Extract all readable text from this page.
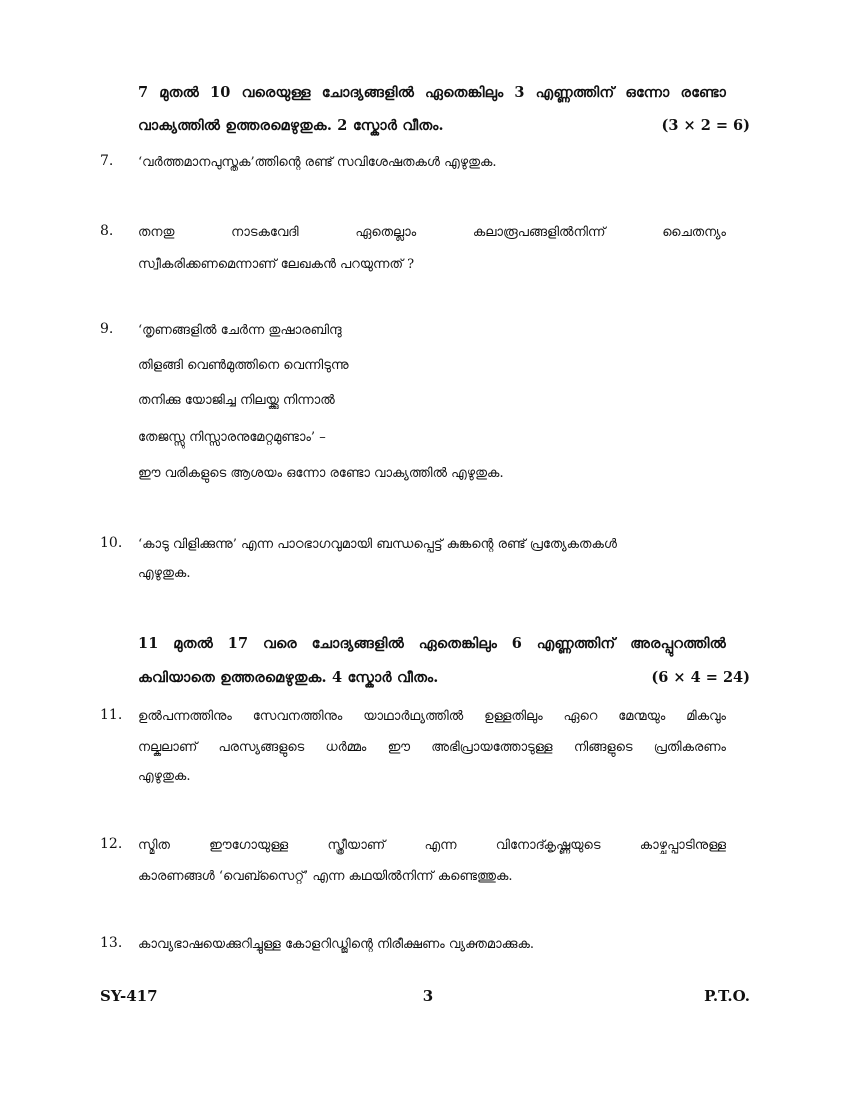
7 മുതൽ 10 വരെയുള്ള ചോദ്യങ്ങളിൽ ഏതെങ്കിലും 3 എണ്ണത്തിന് ഒന്നോ രണ്ടോ
വാക്യത്തിൽ ഉത്തരമെഴുതുക. 2 സ്കോർ വീതം.	(3 × 2 = 6)
7. ‘വർത്തമാനപുസ്തക’ത്തിന്റെ രണ്ട് സവിശേഷതകൾ എഴുതുക.
8. തനതു നാടകവേദി ഏതെല്ലാം കലാരൂപങ്ങളിൽനിന്ന് ചൈതന്യം
സ്വീകരിക്കണമെന്നാണ് ലേഖകൻ പറയുന്നത് ?
9. ‘തൃണങ്ങളിൽ ചേർന്ന തുഷാരബിന്ദു
തിളങ്ങി വെൺമുത്തിനെ വെന്നിടുന്നു
തനിക്കു യോജിച്ച നിലയ്ക്കു നിന്നാൽ
തേജസ്സു നിസ്സാരനുമേറ്റമുണ്ടാം’ –
ഈ വരികളുടെ ആശയം ഒന്നോ രണ്ടോ വാക്യത്തിൽ എഴുതുക.
10. ‘കാടു വിളിക്കുന്നു’ എന്ന പാഠഭാഗവുമായി ബന്ധപ്പെട്ട് കുങ്കന്റെ രണ്ട് പ്രത്യേകതകൾ
എഴുതുക.
11 മുതൽ 17 വരെ ചോദ്യങ്ങളിൽ ഏതെങ്കിലും 6 എണ്ണത്തിന് അരപ്പുറത്തിൽ
കവിയാതെ ഉത്തരമെഴുതുക. 4 സ്കോർ വീതം.	(6 × 4 = 24)
11. ഉൽപന്നത്തിനും സേവനത്തിനും യാഥാർഥ്യത്തിൽ ഉള്ളതിലും ഏറെ മേന്മയും മികവും
നല്കലാണ് പരസ്യങ്ങളുടെ ധർമ്മം ഈ അഭിപ്രായത്തോടുള്ള നിങ്ങളുടെ പ്രതികരണം
എഴുതുക.
12. സ്മിത ഈഗോയുള്ള സ്ത്രീയാണ് എന്ന വിനോദ്കൃഷ്ണയുടെ കാഴ്ചപ്പാടിനുള്ള
കാരണങ്ങൾ ‘വെബ്സൈറ്റ്’ എന്ന കഥയിൽനിന്ന് കണ്ടെത്തുക.
13. കാവ്യഭാഷയെക്കുറിച്ചുള്ള കോളറിഡ്ജിന്റെ നിരീക്ഷണം വ്യക്തമാക്കുക.
SY-417	3	P.T.O.
